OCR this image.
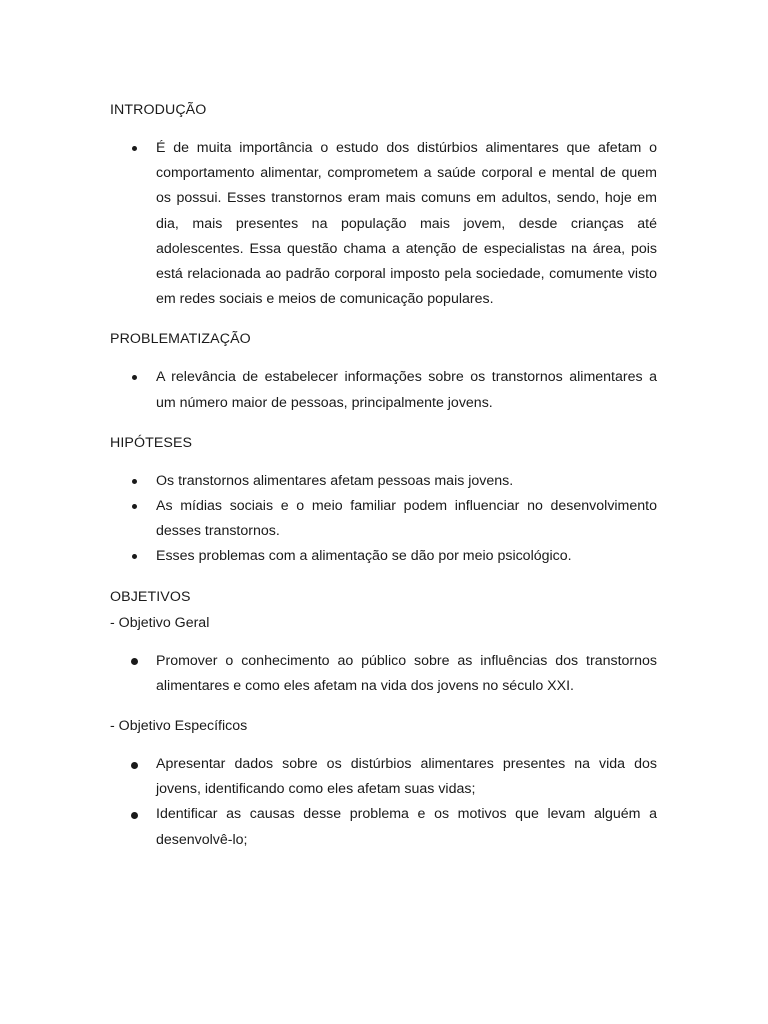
INTRODUÇÃO
É de muita importância o estudo dos distúrbios alimentares que afetam o comportamento alimentar, comprometem a saúde corporal e mental de quem os possui. Esses transtornos eram mais comuns em adultos, sendo, hoje em dia, mais presentes na população mais jovem, desde crianças até adolescentes. Essa questão chama a atenção de especialistas na área, pois está relacionada ao padrão corporal imposto pela sociedade, comumente visto em redes sociais e meios de comunicação populares.
PROBLEMATIZAÇÃO
A relevância de estabelecer informações sobre os transtornos alimentares a um número maior de pessoas, principalmente jovens.
HIPÓTESES
Os transtornos alimentares afetam pessoas mais jovens.
As mídias sociais e o meio familiar podem influenciar no desenvolvimento desses transtornos.
Esses problemas com a alimentação se dão por meio psicológico.
OBJETIVOS
- Objetivo Geral
Promover o conhecimento ao público sobre as influências dos transtornos alimentares e como eles afetam na vida dos jovens no século XXI.
- Objetivo Específicos
Apresentar dados sobre os distúrbios alimentares presentes na vida dos jovens, identificando como eles afetam suas vidas;
Identificar as causas desse problema e os motivos que levam alguém a desenvolvê-lo;
